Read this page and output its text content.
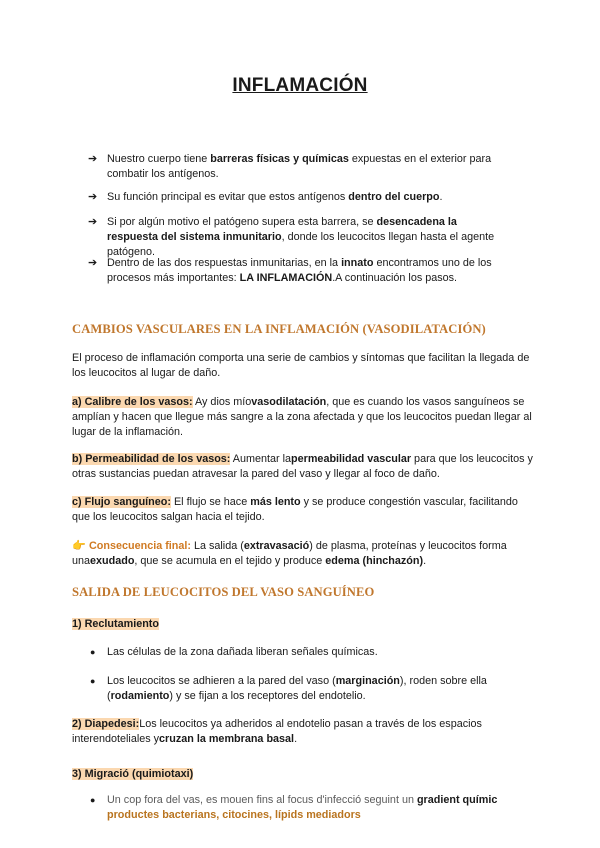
INFLAMACIÓN
➔ Nuestro cuerpo tiene barreras físicas y químicas expuestas en el exterior para combatir los antígenos.
➔ Su función principal es evitar que estos antígenos dentro del cuerpo.
➔ Si por algún motivo el patógeno supera esta barrera, se desencadena la respuesta del sistema inmunitario, donde los leucocitos llegan hasta el agente patógeno.
➔ Dentro de las dos respuestas inmunitarias, en la innato encontramos uno de los procesos más importantes: LA INFLAMACIÓN.A continuación los pasos.
CAMBIOS VASCULARES EN LA INFLAMACIÓN (VASODILATACIÓN)
El proceso de inflamación comporta una serie de cambios y síntomas que facilitan la llegada de los leucocitos al lugar de daño.
a) Calibre de los vasos: Ay dios míovasodilatación, que es cuando los vasos sanguíneos se amplían y hacen que llegue más sangre a la zona afectada y que los leucocitos puedan llegar al lugar de la inflamación.
b) Permeabilidad de los vasos: Aumentar lapermeabilidad vascular para que los leucocitos y otras sustancias puedan atravesar la pared del vaso y llegar al foco de daño.
c) Flujo sanguíneo: El flujo se hace más lento y se produce congestión vascular, facilitando que los leucocitos salgan hacia el tejido.
👉 Consecuencia final: La salida (extravasació) de plasma, proteínas y leucocitos forma unaexudado, que se acumula en el tejido y produce edema (hinchazón).
SALIDA DE LEUCOCITOS DEL VASO SANGUÍNEO
1) Reclutamiento
● Las células de la zona dañada liberan señales químicas.
● Los leucocitos se adhieren a la pared del vaso (marginación), roden sobre ella (rodamiento) y se fijan a los receptores del endotelio.
2) Diapedesi:Los leucocitos ya adheridos al endotelio pasan a través de los espacios interendoteliales ycruzan la membrana basal.
3) Migració (quimiotaxi)
● Un cop fora del vas, es mouen fins al focus d'infecció seguint un gradient químic productes bacterians, citocines, lípids mediadors
